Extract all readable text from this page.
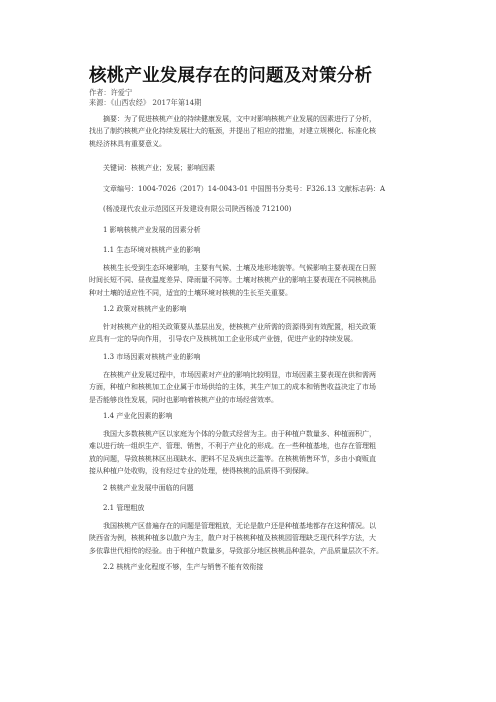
核桃产业发展存在的问题及对策分析
作者：许爱宁
来源：《山西农经》 2017年第14期
摘要：为了促进核桃产业的持续健康发展，文中对影响核桃产业发展的因素进行了分析，
找出了制约核桃产业化持续发展壮大的瓶颈，并提出了相应的措施，对建立规模化、标准化核
桃经济林具有重要意义。
关键词：核桃产业；发展；影响因素
文章编号：1004-7026（2017）14-0043-01 中国图书分类号：F326.13 文献标志码：A
(杨凌现代农业示范园区开发建设有限公司陕西杨凌 712100)
1 影响核桃产业发展的因素分析
1.1 生态环境对核桃产业的影响
核桃生长受到生态环境影响，主要有气候、土壤及地形地貌等。气候影响主要表现在日照
时间长短不同、昼夜温度差异、降雨量不同等。土壤对核桃产业的影响主要表现在不同核桃品
种对土壤的适应性不同，适宜的土壤环境对核桃的生长至关重要。
1.2 政策对核桃产业的影响
针对核桃产业的相关政策要从基层出发，使核桃产业所需的资源得到有效配置，相关政策
应具有一定的导向作用， 引导农户及核桃加工企业形成产业链，促进产业的持续发展。
1.3 市场因素对核桃产业的影响
在核桃产业发展过程中，市场因素对产业的影响比较明显，市场因素主要表现在供和需两
方面，种植户和核桃加工企业属于市场供给的主体，其生产加工的成本和销售收益决定了市场
是否能够良性发展，同时也影响着核桃产业的市场经营效率。
1.4 产业化因素的影响
我国大多数核桃产区以家庭为个体的分散式经营为主。由于种植户数量多、种植面积广，
难以进行统一组织生产、管理、销售，不利于产业化的形成。在一些种植基地，也存在管理粗
放的问题，导致核桃林区出现缺水、肥料不足及病虫泛滥等。在核桃销售环节，多由小商贩直
接从种植户处收购，没有经过专业的处理，使得核桃的品质得不到保障。
2 核桃产业发展中面临的问题
2.1 管理粗放
我国核桃产区普遍存在的问题是管理粗放，无论是散户还是种植基地都存在这种情况。以
陕西省为例，核桃种植多以散户为主，散户对于核桃种植及核桃园管理缺乏现代科学方法，大
多依靠世代相传的经验。由于种植户数量多，导致部分地区核桃品种混杂，产品质量层次不齐。
2.2 核桃产业化程度不够，生产与销售不能有效衔接
